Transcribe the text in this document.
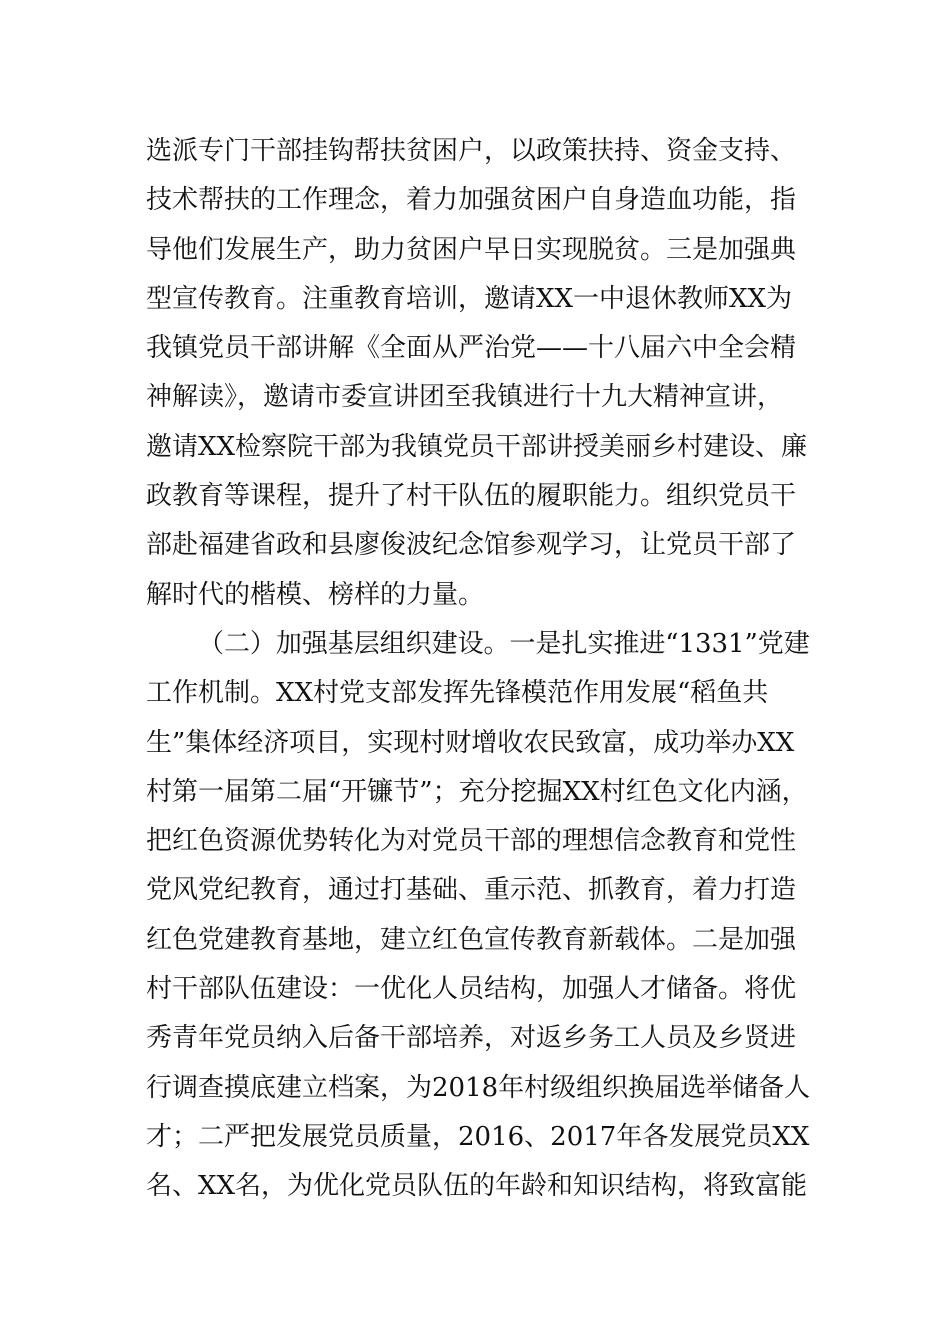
选派专门干部挂钩帮扶贫困户，以政策扶持、资金支持、
技术帮扶的工作理念，着力加强贫困户自身造血功能，指
导他们发展生产，助力贫困户早日实现脱贫。三是加强典
型宣传教育。注重教育培训，邀请XX一中退休教师XX为
我镇党员干部讲解《全面从严治党——十八届六中全会精
神解读》，邀请市委宣讲团至我镇进行十九大精神宣讲，
邀请XX检察院干部为我镇党员干部讲授美丽乡村建设、廉
政教育等课程，提升了村干队伍的履职能力。组织党员干
部赴福建省政和县廖俊波纪念馆参观学习，让党员干部了
解时代的楷模、榜样的力量。
（二）加强基层组织建设。一是扎实推进“1331”党建
工作机制。XX村党支部发挥先锋模范作用发展“稻鱼共
生”集体经济项目，实现村财增收农民致富，成功举办XX
村第一届第二届“开镰节”；充分挖掘XX村红色文化内涵，
把红色资源优势转化为对党员干部的理想信念教育和党性
党风党纪教育，通过打基础、重示范、抓教育，着力打造
红色党建教育基地，建立红色宣传教育新载体。二是加强
村干部队伍建设：一优化人员结构，加强人才储备。将优
秀青年党员纳入后备干部培养，对返乡务工人员及乡贤进
行调查摸底建立档案，为2018年村级组织换届选举储备人
才；二严把发展党员质量，2016、2017年各发展党员XX
名、XX名，为优化党员队伍的年龄和知识结构，将致富能
